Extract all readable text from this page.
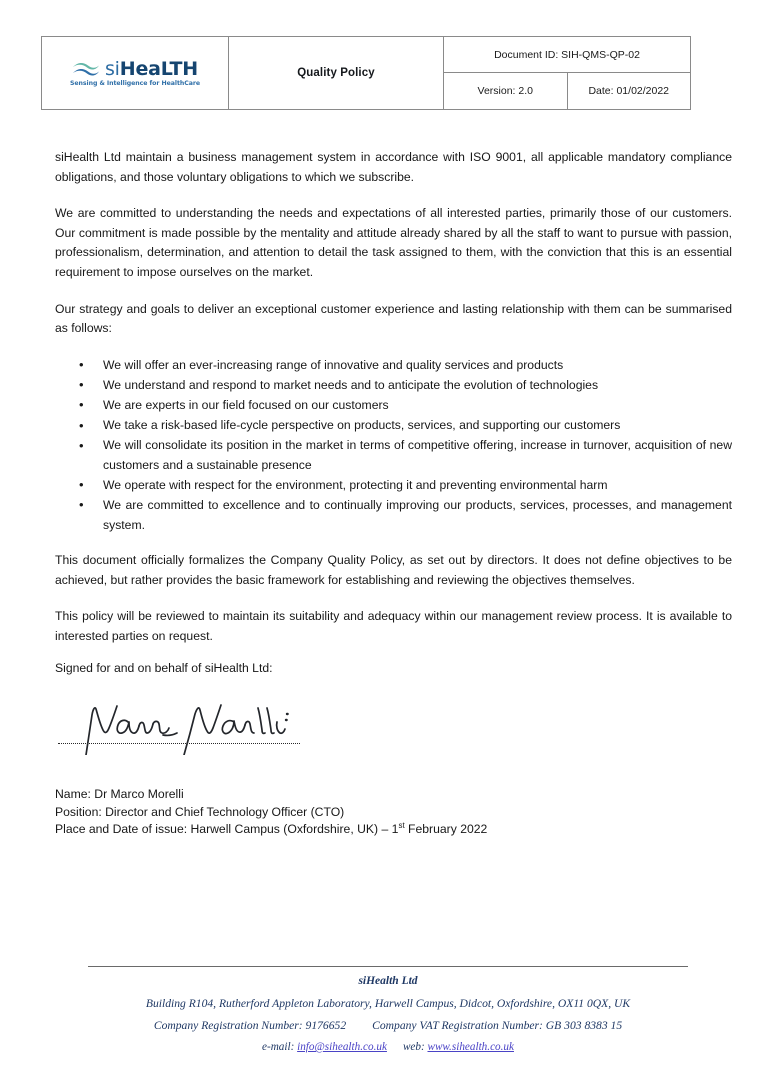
siHeaLTH
Sensing & Intelligence for HealthCare	Quality Policy	Document ID: SIH-QMS-QP-02	

		Version: 2.0	Date: 01/02/2022

siHealth Ltd maintain a business management system in accordance with ISO 9001, all applicable mandatory compliance obligations, and those voluntary obligations to which we subscribe.

We are committed to understanding the needs and expectations of all interested parties, primarily those of our customers. Our commitment is made possible by the mentality and attitude already shared by all the staff to want to pursue with passion, professionalism, determination, and attention to detail the task assigned to them, with the conviction that this is an essential requirement to impose ourselves on the market.

Our strategy and goals to deliver an exceptional customer experience and lasting relationship with them can be summarised as follows:

• We will offer an ever-increasing range of innovative and quality services and products
• We understand and respond to market needs and to anticipate the evolution of technologies
• We are experts in our field focused on our customers
• We take a risk-based life-cycle perspective on products, services, and supporting our customers
• We will consolidate its position in the market in terms of competitive offering, increase in turnover, acquisition of new customers and a sustainable presence
• We operate with respect for the environment, protecting it and preventing environmental harm
• We are committed to excellence and to continually improving our products, services, processes, and management system.

This document officially formalizes the Company Quality Policy, as set out by directors. It does not define objectives to be achieved, but rather provides the basic framework for establishing and reviewing the objectives themselves.

This policy will be reviewed to maintain its suitability and adequacy within our management review process. It is available to interested parties on request.

Signed for and on behalf of siHealth Ltd:
Name: Dr Marco Morelli
Position: Director and Chief Technology Officer (CTO)
Place and Date of issue: Harwell Campus (Oxfordshire, UK) – 1st February 2022
siHealth Ltd
Building R104, Rutherford Appleton Laboratory, Harwell Campus, Didcot, Oxfordshire, OX11 0QX, UK
Company Registration Number: 9176652 Company VAT Registration Number: GB 303 8383 15
e-mail: info@sihealth.co.uk web: www.sihealth.co.uk
